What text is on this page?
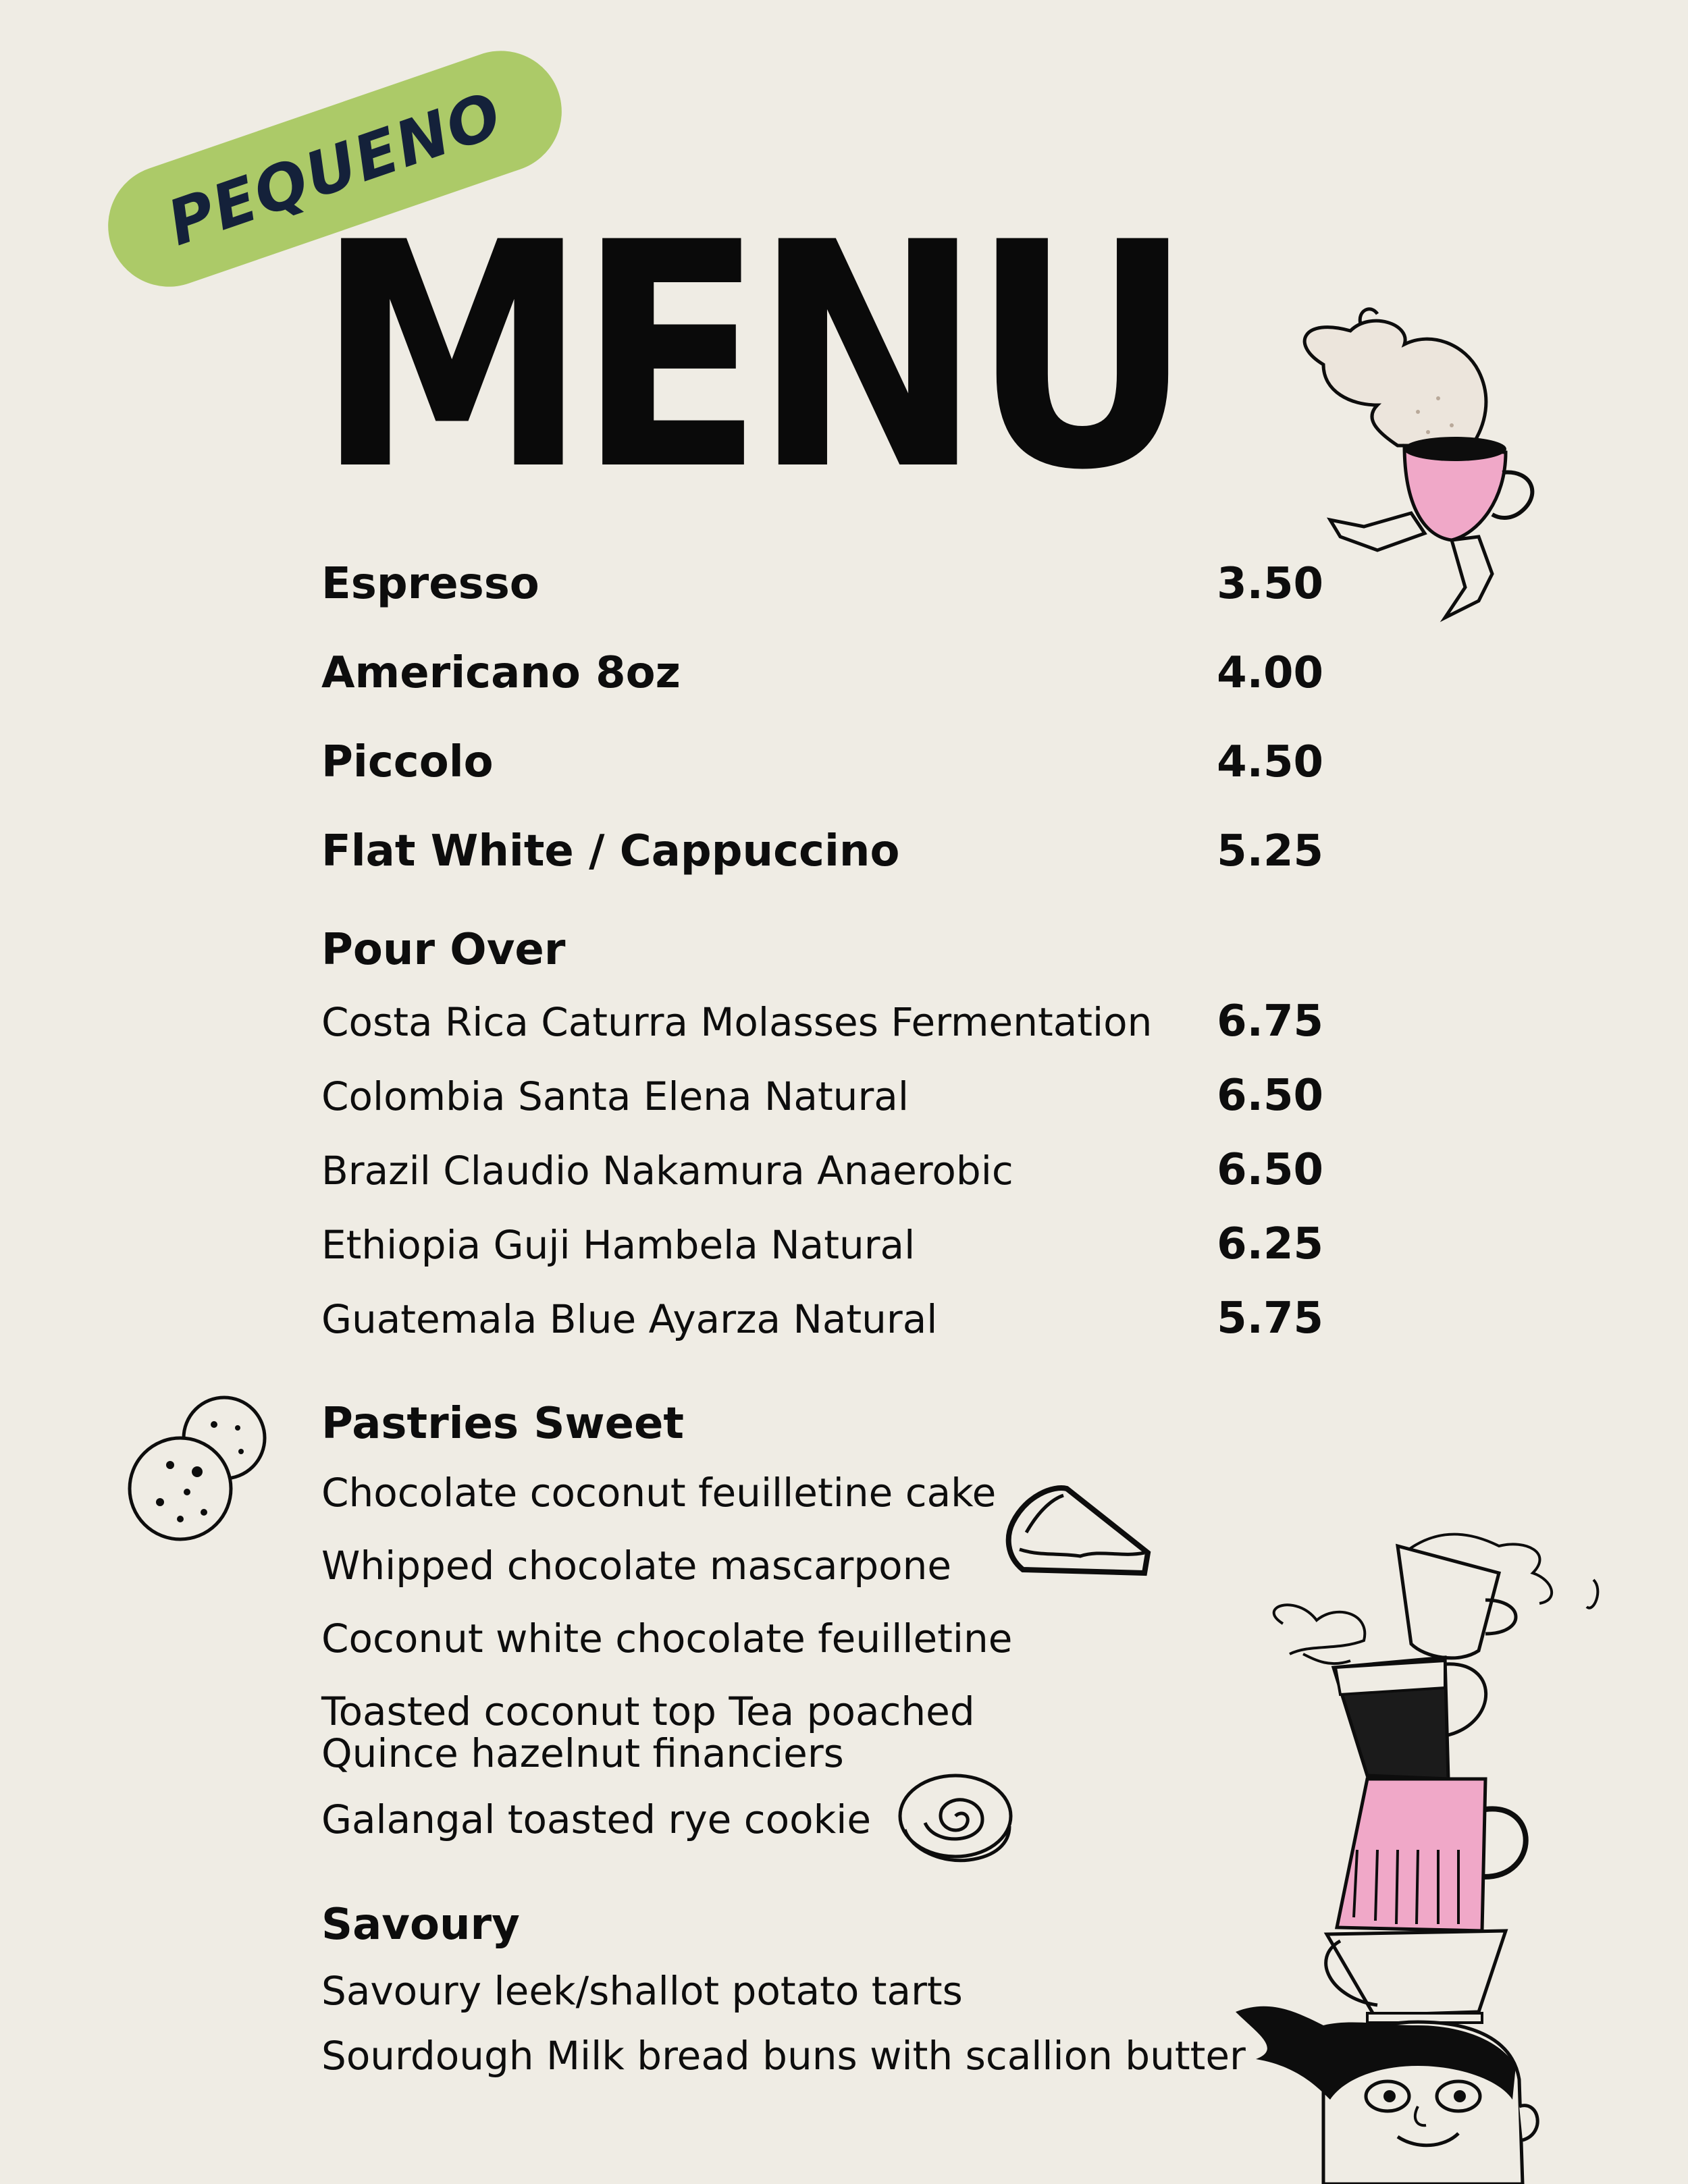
PEQUENO
MENU
Espresso	3.50
Americano 8oz	4.00
Piccolo	4.50
Flat White / Cappuccino	5.25
Pour Over
Costa Rica Caturra Molasses Fermentation 6.75
Colombia Santa Elena Natural	6.50
Brazil Claudio Nakamura Anaerobic	6.50
Ethiopia Guji Hambela Natural	6.25
Guatemala Blue Ayarza Natural	5.75
Pastries Sweet
Chocolate coconut feuilletine cake
Whipped chocolate mascarpone
Coconut white chocolate feuilletine
Toasted coconut top Tea poached
Quince hazelnut financiers
Galangal toasted rye cookie
Savoury
Savoury leek/shallot potato tarts
Sourdough Milk bread buns with scallion butter
